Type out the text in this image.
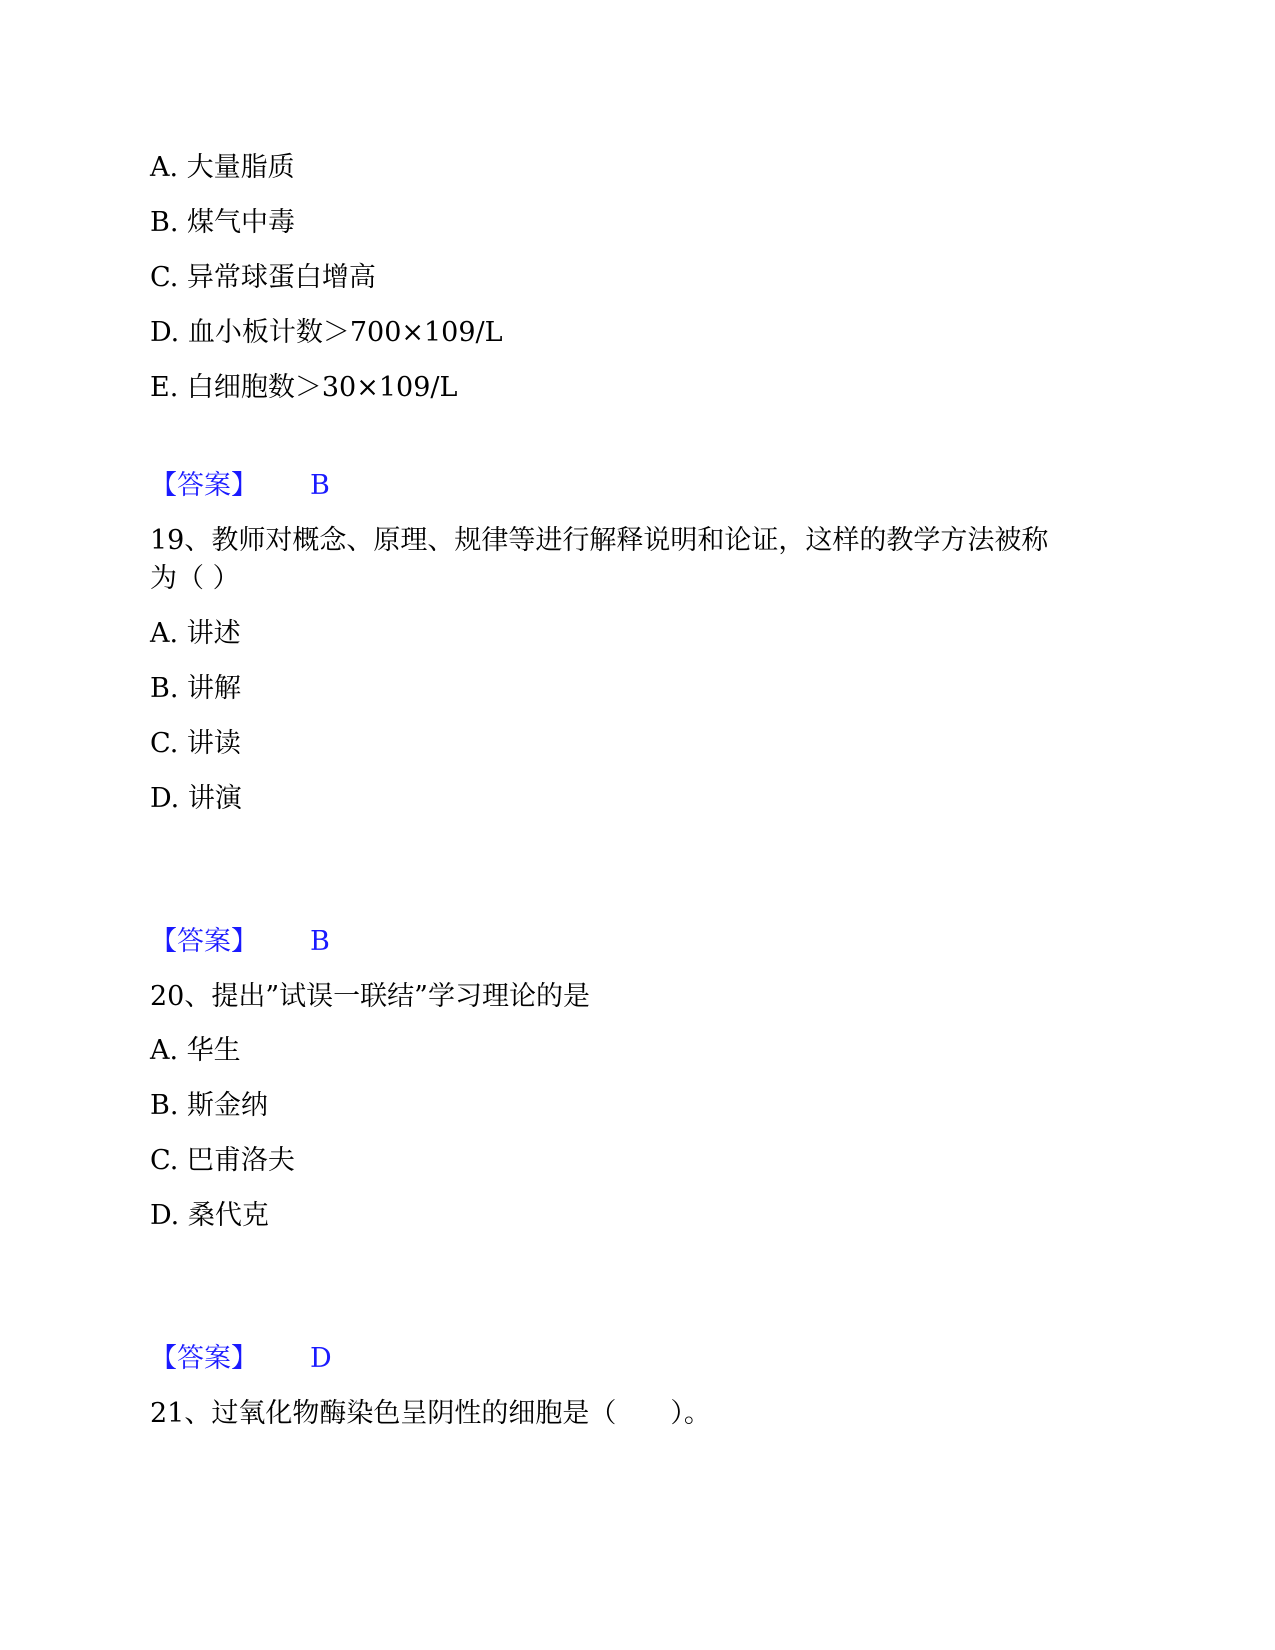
A. 大量脂质
B. 煤气中毒
C. 异常球蛋白增高
D. 血小板计数＞700×109/L
E. 白细胞数＞30×109/L
【答案】 B
19、教师对概念、原理、规律等进行解释说明和论证，这样的教学方法被称
为（ ）
A. 讲述
B. 讲解
C. 讲读
D. 讲演
【答案】 B
20、提出”试误一联结”学习理论的是
A. 华生
B. 斯金纳
C. 巴甫洛夫
D. 桑代克
【答案】 D
21、过氧化物酶染色呈阴性的细胞是（　　）。
